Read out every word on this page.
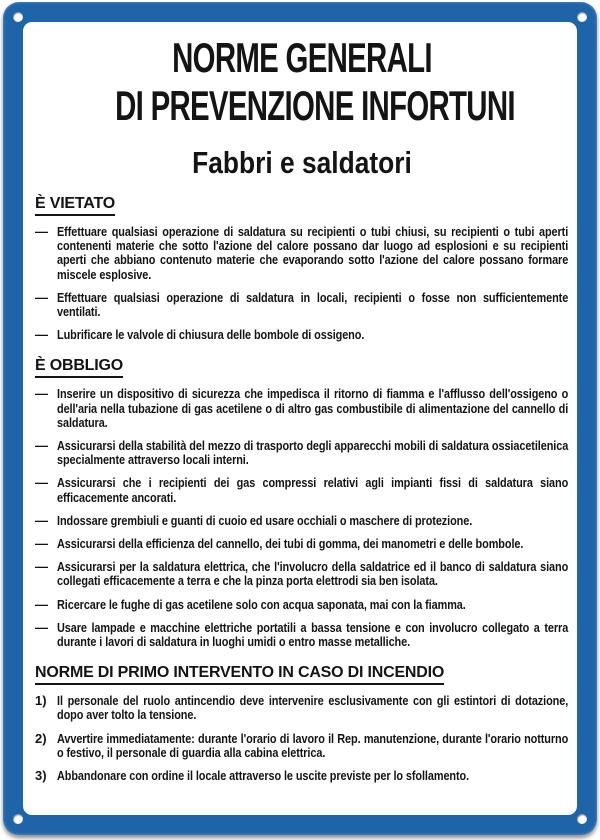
NORME GENERALI
DI PREVENZIONE INFORTUNI
Fabbri e saldatori
È VIETATO
— Effettuare qualsiasi operazione di saldatura su recipienti o tubi chiusi, su recipienti o tubi aperti contenenti materie che sotto l'azione del calore possano dar luogo ad esplosioni e su recipienti aperti che abbiano contenuto materie che evaporando sotto l'azione del calore possano formare miscele esplosive.
— Effettuare qualsiasi operazione di saldatura in locali, recipienti o fosse non sufficientemente ventilati.
— Lubrificare le valvole di chiusura delle bombole di ossigeno.
È OBBLIGO
— Inserire un dispositivo di sicurezza che impedisca il ritorno di fiamma e l'afflusso dell'ossigeno o dell'aria nella tubazione di gas acetilene o di altro gas combustibile di alimentazione del cannello di saldatura.
— Assicurarsi della stabilità del mezzo di trasporto degli apparecchi mobili di saldatura ossiacetilenica specialmente attraverso locali interni.
— Assicurarsi che i recipienti dei gas compressi relativi agli impianti fissi di saldatura siano efficacemente ancorati.
— Indossare grembiuli e guanti di cuoio ed usare occhiali o maschere di protezione.
— Assicurarsi della efficienza del cannello, dei tubi di gomma, dei manometri e delle bombole.
— Assicurarsi per la saldatura elettrica, che l'involucro della saldatrice ed il banco di saldatura siano collegati efficacemente a terra e che la pinza porta elettrodi sia ben isolata.
— Ricercare le fughe di gas acetilene solo con acqua saponata, mai con la fiamma.
— Usare lampade e macchine elettriche portatili a bassa tensione e con involucro collegato a terra durante i lavori di saldatura in luoghi umidi o entro masse metalliche.
NORME DI PRIMO INTERVENTO IN CASO DI INCENDIO
1) Il personale del ruolo antincendio deve intervenire esclusivamente con gli estintori di dotazione, dopo aver tolto la tensione.
2) Avvertire immediatamente: durante l'orario di lavoro il Rep. manutenzione, durante l'orario notturno o festivo, il personale di guardia alla cabina elettrica.
3) Abbandonare con ordine il locale attraverso le uscite previste per lo sfollamento.
